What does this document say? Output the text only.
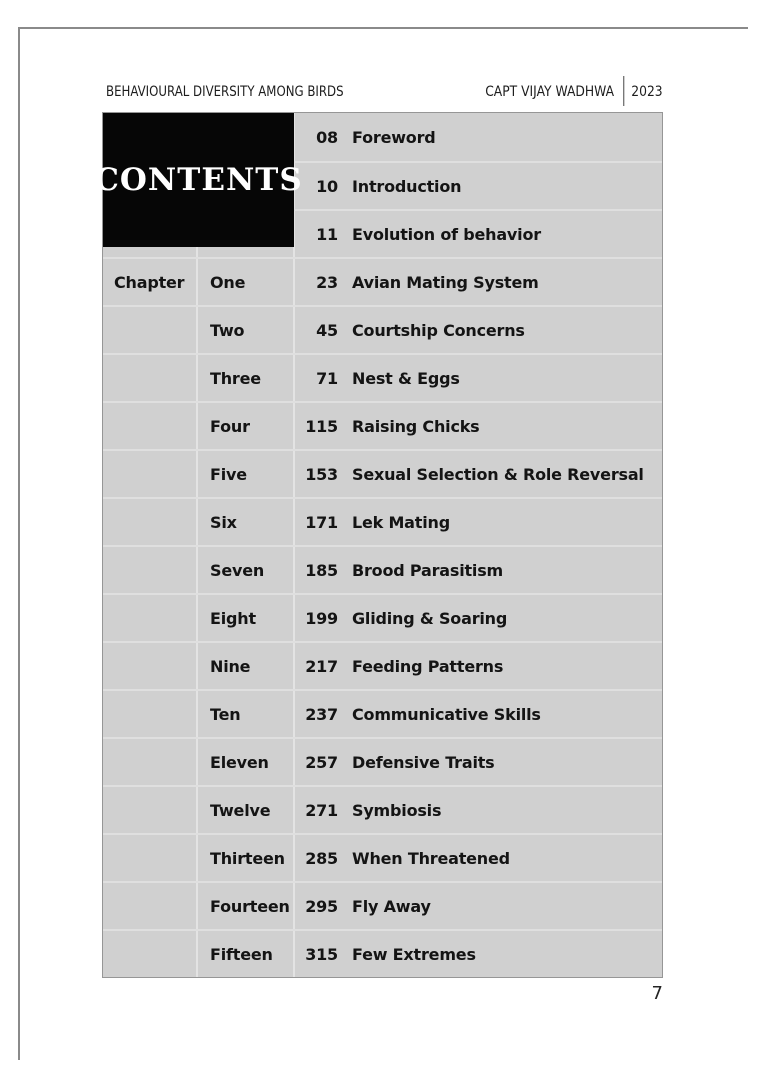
BEHAVIOURAL DIVERSITY AMONG BIRDS	CAPT VIJAY WADHWA 2023
08 Foreword
10 Introduction
11 Evolution of behavior
Chapter	One	23 Avian Mating System
Two	45 Courtship Concerns
Three	71 Nest & Eggs
Four	115 Raising Chicks
Five	153 Sexual Selection & Role Reversal
Six	171 Lek Mating
Seven	185 Brood Parasitism
Eight	199 Gliding & Soaring
Nine	217 Feeding Patterns
Ten	237 Communicative Skills
Eleven	257 Defensive Traits
Twelve	271 Symbiosis
Thirteen	285 When Threatened
Fourteen 295 Fly Away
Fifteen	315 Few Extremes
CONTENTS
7
